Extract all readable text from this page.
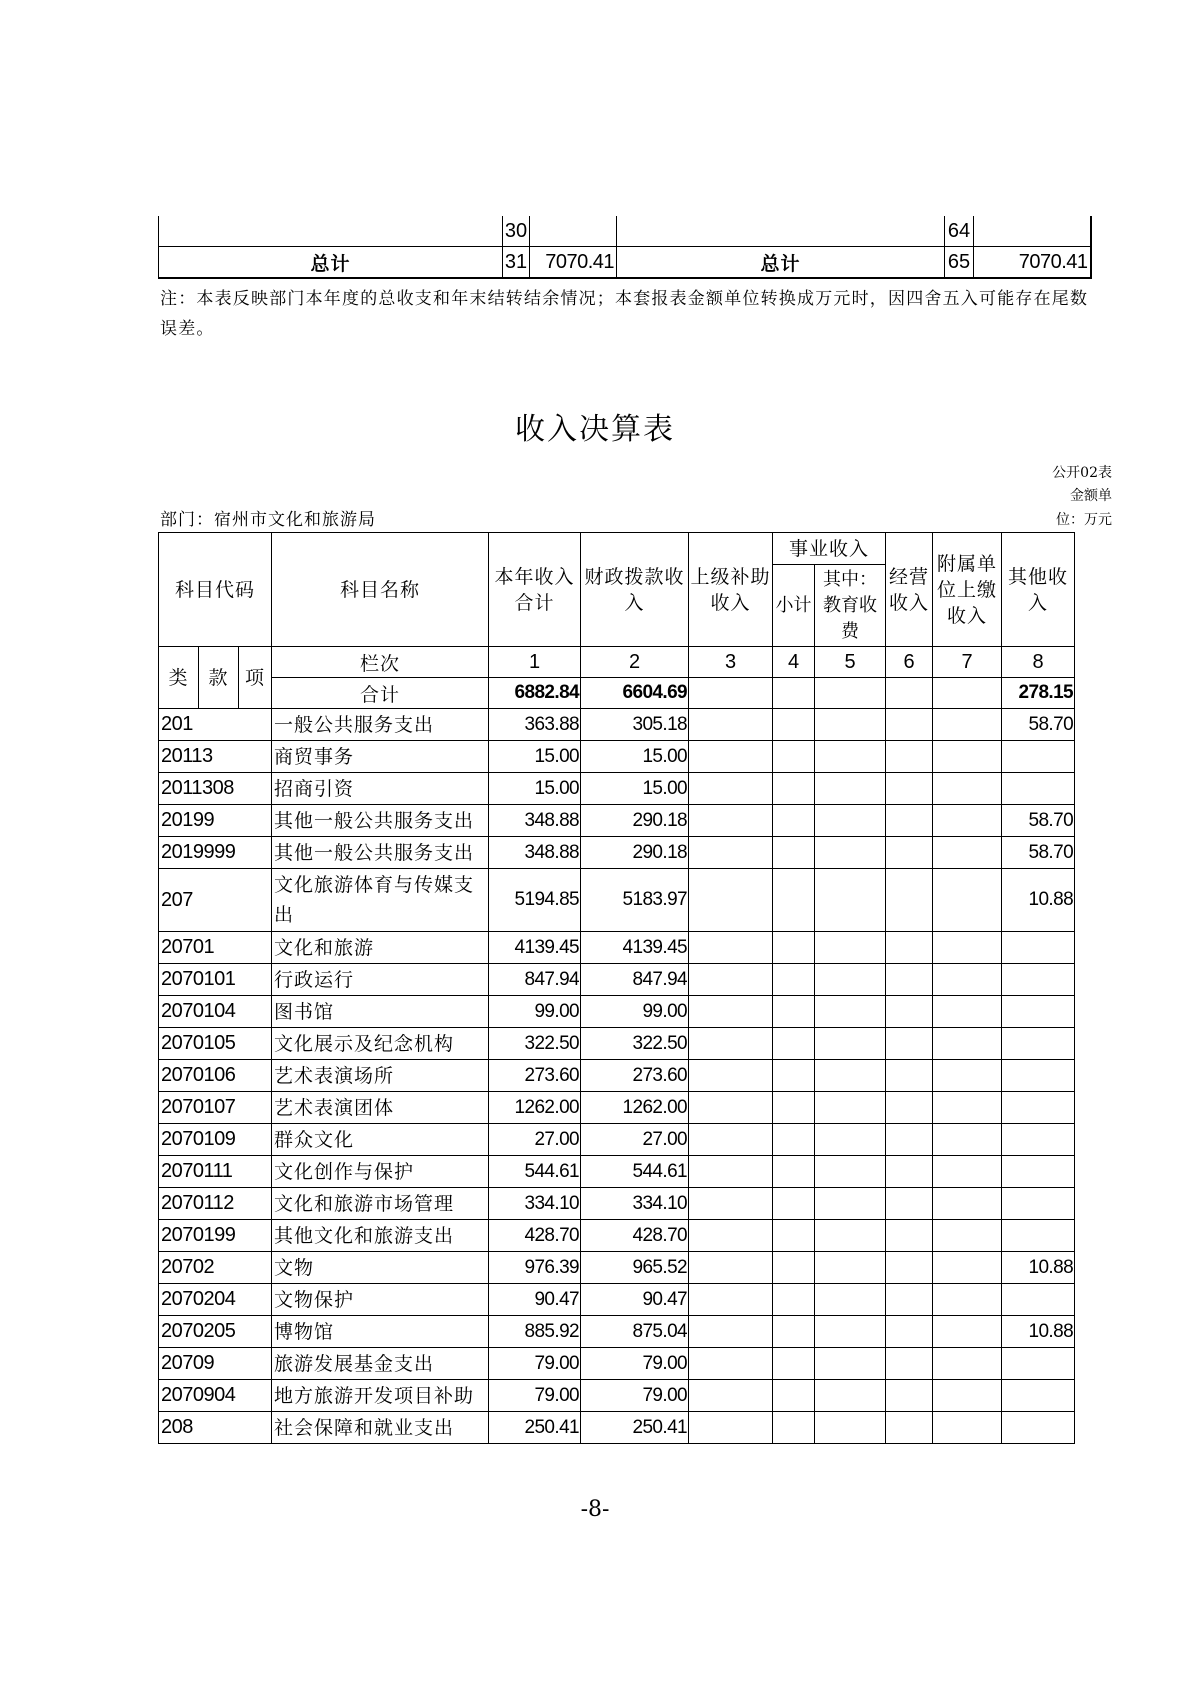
	30			64	
总计	31	7070.41	总计	65	7070.41
注：本表反映部门本年度的总收支和年末结转结余情况；本套报表金额单位转换成万元时，因四舍五入可能存在尾数误差。
收入决算表
公开02表
金额单位：万元
部门：宿州市文化和旅游局
科目代码			科目名称	本年收入合计	财政拨款收入	上级补助收入	事业收入		经营收入	附属单位上缴收入	其他收入
							小计	其中：教育收费			
类	款	项	栏次	1	2	3	4	5	6	7	8
			合计	6882.84	6604.69						278.15
201			一般公共服务支出	363.88	305.18						58.70
20113			商贸事务	15.00	15.00						
2011308			招商引资	15.00	15.00						
20199			其他一般公共服务支出	348.88	290.18						58.70
2019999			其他一般公共服务支出	348.88	290.18						58.70
207			文化旅游体育与传媒支出	5194.85	5183.97						10.88
20701			文化和旅游	4139.45	4139.45						
2070101			行政运行	847.94	847.94						
2070104			图书馆	99.00	99.00						
2070105			文化展示及纪念机构	322.50	322.50						
2070106			艺术表演场所	273.60	273.60						
2070107			艺术表演团体	1262.00	1262.00						
2070109			群众文化	27.00	27.00						
2070111			文化创作与保护	544.61	544.61						
2070112			文化和旅游市场管理	334.10	334.10						
2070199			其他文化和旅游支出	428.70	428.70						
20702			文物	976.39	965.52						10.88
2070204			文物保护	90.47	90.47						
2070205			博物馆	885.92	875.04						10.88
20709			旅游发展基金支出	79.00	79.00						
2070904			地方旅游开发项目补助	79.00	79.00						
208			社会保障和就业支出	250.41	250.41						
-8-
